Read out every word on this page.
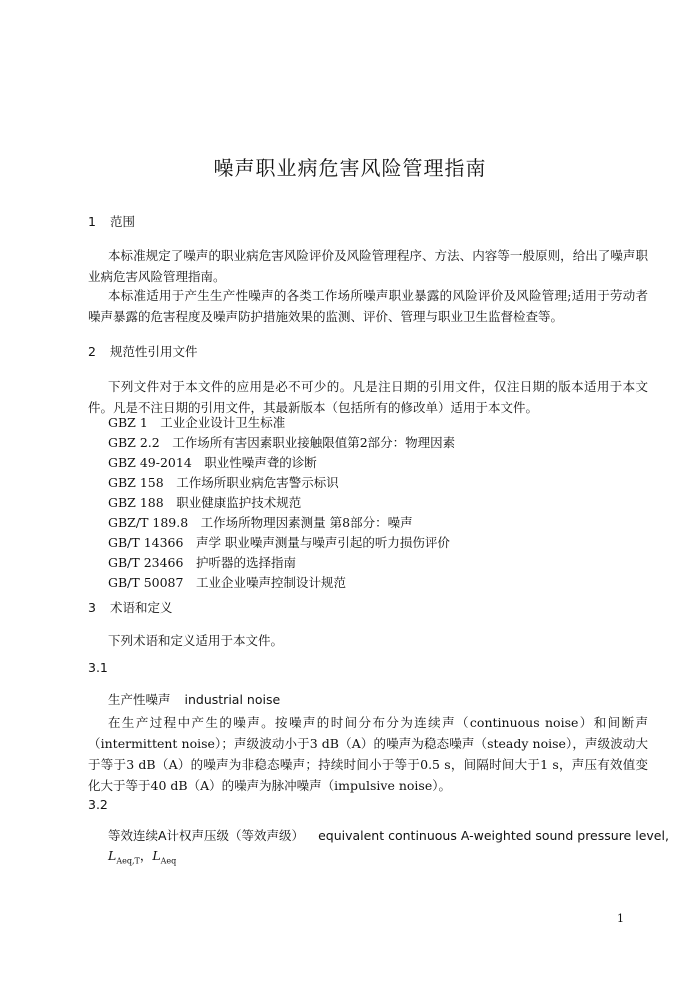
噪声职业病危害风险管理指南
1 范围
本标准规定了噪声的职业病危害风险评价及风险管理程序、方法、内容等一般原则，给出了噪声职业病危害风险管理指南。
本标准适用于产生生产性噪声的各类工作场所噪声职业暴露的风险评价及风险管理;适用于劳动者噪声暴露的危害程度及噪声防护措施效果的监测、评价、管理与职业卫生监督检查等。
2 规范性引用文件
下列文件对于本文件的应用是必不可少的。凡是注日期的引用文件，仅注日期的版本适用于本文件。凡是不注日期的引用文件，其最新版本（包括所有的修改单）适用于本文件。
GBZ 1　工业企业设计卫生标准
GBZ 2.2　工作场所有害因素职业接触限值第2部分：物理因素
GBZ 49-2014　职业性噪声聋的诊断
GBZ 158　工作场所职业病危害警示标识
GBZ 188　职业健康监护技术规范
GBZ/T 189.8　工作场所物理因素测量 第8部分：噪声
GB/T 14366　声学 职业噪声测量与噪声引起的听力损伤评价
GB/T 23466　护听器的选择指南
GB/T 50087　工业企业噪声控制设计规范
3 术语和定义
下列术语和定义适用于本文件。
3.1
生产性噪声 industrial noise
在生产过程中产生的噪声。按噪声的时间分布分为连续声（continuous noise）和间断声（intermittent noise）；声级波动小于3 dB（A）的噪声为稳态噪声（steady noise），声级波动大于等于3 dB（A）的噪声为非稳态噪声；持续时间小于等于0.5 s，间隔时间大于1 s，声压有效值变化大于等于40 dB（A）的噪声为脉冲噪声（impulsive noise）。
3.2
等效连续A计权声压级（等效声级） equivalent continuous A-weighted sound pressure level,
$L_{Aeq,T}$，$L_{Aeq}$
1
